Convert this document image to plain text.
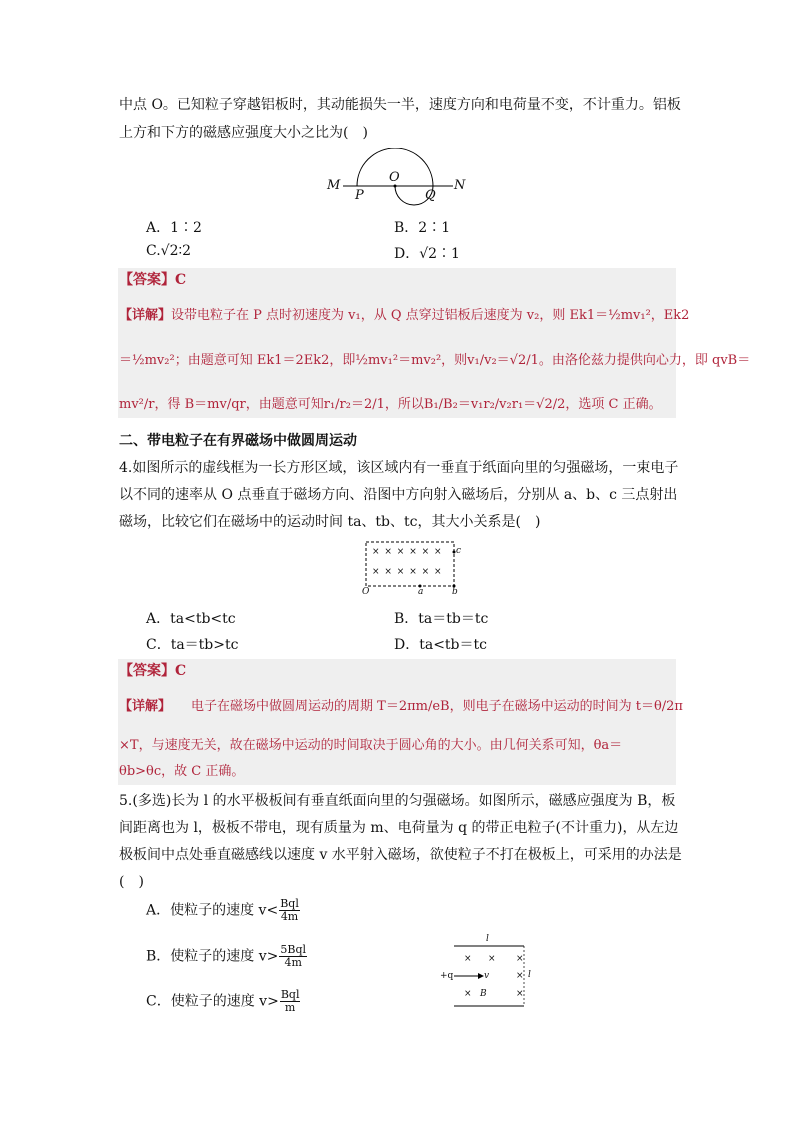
中点 O。已知粒子穿越铝板时，其动能损失一半，速度方向和电荷量不变，不计重力。铝板
上方和下方的磁感应强度大小之比为(　)
M
P
O
Q
N
A．1∶2	B．2∶1
C.√2∶2	D．√2∶1
【答案】C
【详解】设带电粒子在 P 点时初速度为 v₁，从 Q 点穿过铝板后速度为 v₂，则 Ek1＝½mv₁²，Ek2
＝½mv₂²；由题意可知 Ek1＝2Ek2，即½mv₁²＝mv₂²，则v₁/v₂＝√2/1。由洛伦兹力提供向心力，即 qvB＝
mv²/r，得 B＝mv/qr，由题意可知r₁/r₂＝2/1，所以B₁/B₂＝v₁r₂/v₂r₁＝√2/2，选项 C 正确。
二、带电粒子在有界磁场中做圆周运动
4.如图所示的虚线框为一长方形区域，该区域内有一垂直于纸面向里的匀强磁场，一束电子
以不同的速率从 O 点垂直于磁场方向、沿图中方向射入磁场后，分别从 a、b、c 三点射出
磁场，比较它们在磁场中的运动时间 ta、tb、tc，其大小关系是(　)
× × × × × ×
× × × × × ×
c
O	a	b
A．ta<tb<tc	B．ta＝tb＝tc
C．ta＝tb>tc	D．ta<tb＝tc
【答案】C
【详解】 电子在磁场中做圆周运动的周期 T＝2πm/eB，则电子在磁场中运动的时间为 t＝θ/2π
×T，与速度无关，故在磁场中运动的时间取决于圆心角的大小。由几何关系可知，θa＝
θb>θc，故 C 正确。
5.(多选)长为 l 的水平极板间有垂直纸面向里的匀强磁场。如图所示，磁感应强度为 B，板
间距离也为 l，极板不带电，现有质量为 m、电荷量为 q 的带正电粒子(不计重力)，从左边
极板间中点处垂直磁感线以速度 v 水平射入磁场，欲使粒子不打在极板上，可采用的办法是
(　)
A．使粒子的速度 $v< \frac{\text{Bql}}{4m}$
B．使粒子的速度 $v> \frac{\text{5Bql}}{4m}$
C．使粒子的速度 $v> \frac{\text{Bql}}{m}$
l
l
+q	v
B
× × ×
×
×	×
